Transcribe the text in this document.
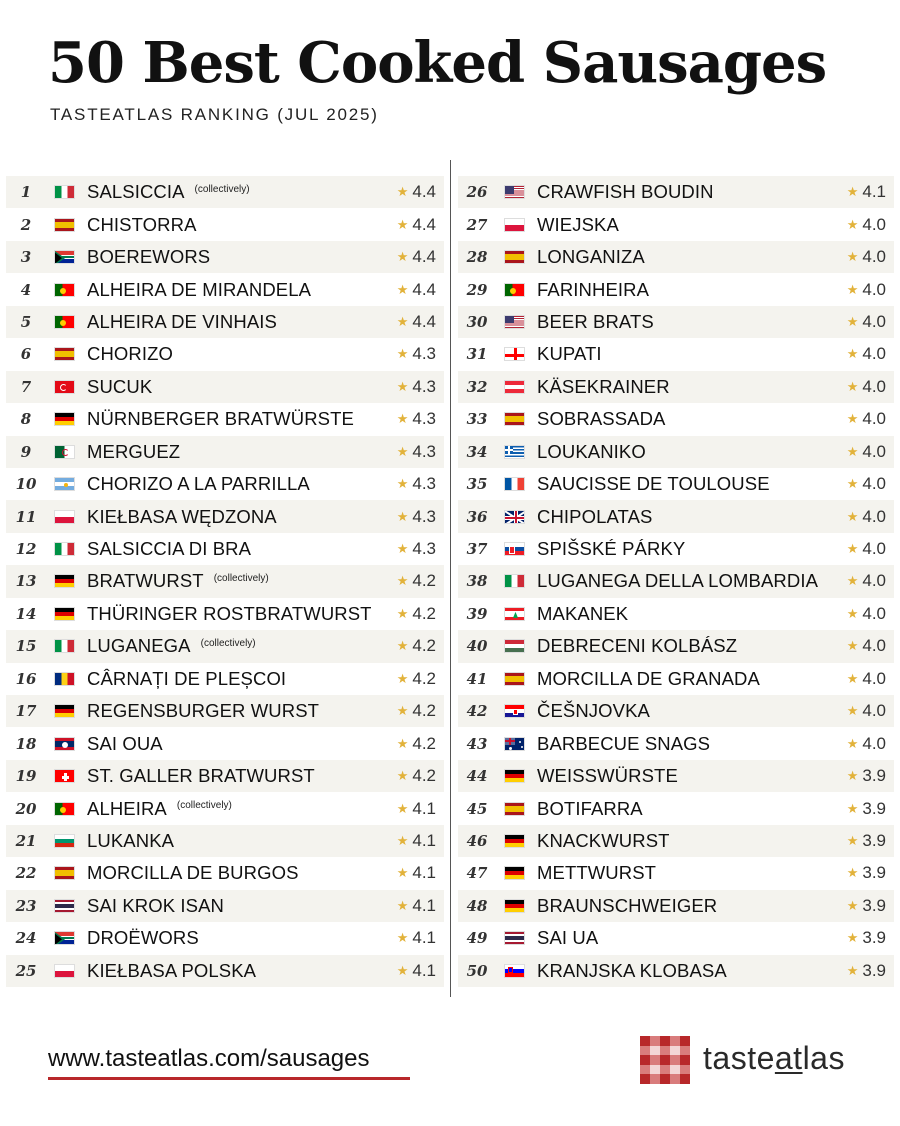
50 Best Cooked Sausages
TASTEATLAS RANKING (JUL 2025)
1	SALSICCIA (collectively)	★ 4.4
2	CHISTORRA	★ 4.4
3	BOEREWORS	★ 4.4
4	ALHEIRA DE MIRANDELA	★ 4.4
5	ALHEIRA DE VINHAIS	★ 4.4
6	CHORIZO	★ 4.3
7	SUCUK	★ 4.3
8	NÜRNBERGER BRATWÜRSTE	★ 4.3
9	MERGUEZ	★ 4.3
10	CHORIZO A LA PARRILLA	★ 4.3
11	KIEŁBASA WĘDZONA	★ 4.3
12	SALSICCIA DI BRA	★ 4.3
13	BRATWURST (collectively)	★ 4.2
14	THÜRINGER ROSTBRATWURST ★ 4.2
15	LUGANEGA (collectively)	★ 4.2
16	CÂRNAȚI DE PLEȘCOI	★ 4.2
17	REGENSBURGER WURST	★ 4.2
18	SAI OUA	★ 4.2
19	ST. GALLER BRATWURST	★ 4.2
20	ALHEIRA (collectively)	★ 4.1
21	LUKANKA	★ 4.1
22	MORCILLA DE BURGOS	★ 4.1
23	SAI KROK ISAN	★ 4.1
24	DROËWORS	★ 4.1
25	KIEŁBASA POLSKA	★ 4.1
26	CRAWFISH BOUDIN	★ 4.1
27	WIEJSKA	★ 4.0
28	LONGANIZA	★ 4.0
29	FARINHEIRA	★ 4.0
30	BEER BRATS	★ 4.0
31	KUPATI	★ 4.0
32	KÄSEKRAINER	★ 4.0
33	SOBRASSADA	★ 4.0
34	LOUKANIKO	★ 4.0
35	SAUCISSE DE TOULOUSE	★ 4.0
36	CHIPOLATAS	★ 4.0
37	SPIŠSKÉ PÁRKY	★ 4.0
38	LUGANEGA DELLA LOMBARDIA ★ 4.0
39	MAKANEK	★ 4.0
40	DEBRECENI KOLBÁSZ	★ 4.0
41	MORCILLA DE GRANADA	★ 4.0
42	ČEŠNJOVKA	★ 4.0
43	BARBECUE SNAGS	★ 4.0
44	WEISSWÜRSTE	★ 3.9
45	BOTIFARRA	★ 3.9
46	KNACKWURST	★ 3.9
47	METTWURST	★ 3.9
48	BRAUNSCHWEIGER	★ 3.9
49	SAI UA	★ 3.9
50	KRANJSKA KLOBASA	★ 3.9
www.tasteatlas.com/sausages	tasteatlas
